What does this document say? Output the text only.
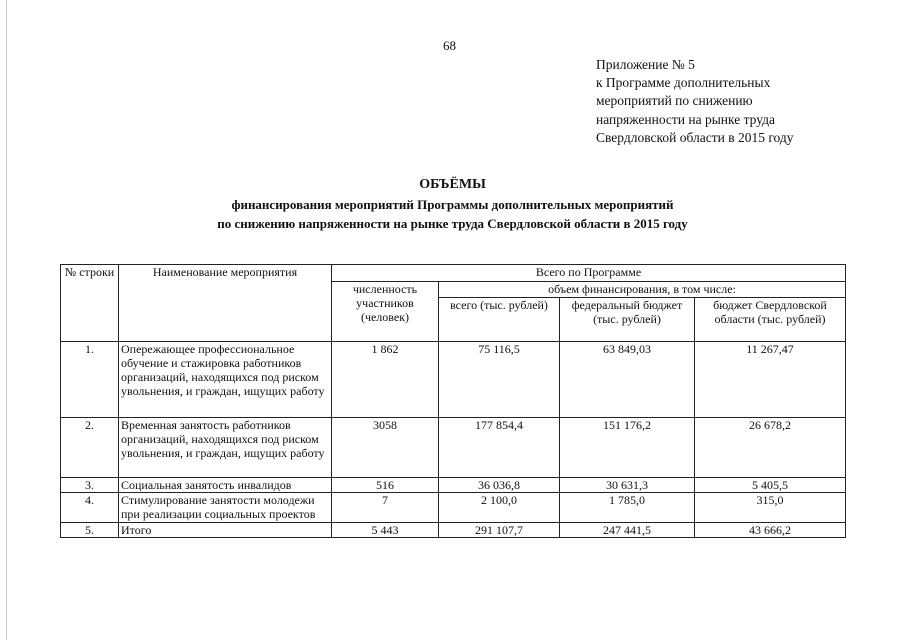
68
Приложение № 5
к Программе дополнительных
мероприятий по снижению
напряженности на рынке труда
Свердловской области в 2015 году
ОБЪЁМЫ
финансирования мероприятий Программы дополнительных мероприятий
по снижению напряженности на рынке труда Свердловской области в 2015 году
№ строки	Наименование мероприятия	Всего по Программе			
		численность участников (человек)	объем финансирования, в том числе:		
			всего (тыс. рублей)	федеральный бюджет (тыс. рублей)	бюджет Свердловской области (тыс. рублей)
1.	Опережающее профессиональное обучение и стажировка работников организаций, находящихся под риском увольнения, и граждан, ищущих работу	1 862	75 116,5	63 849,03	11 267,47
2.	Временная занятость работников организаций, находящихся под риском увольнения, и граждан, ищущих работу	3058	177 854,4	151 176,2	26 678,2
3.	Социальная занятость инвалидов	516	36 036,8	30 631,3	5 405,5
4.	Стимулирование занятости молодежи при реализации социальных проектов	7	2 100,0	1 785,0	315,0
5.	Итого	5 443	291 107,7	247 441,5	43 666,2
